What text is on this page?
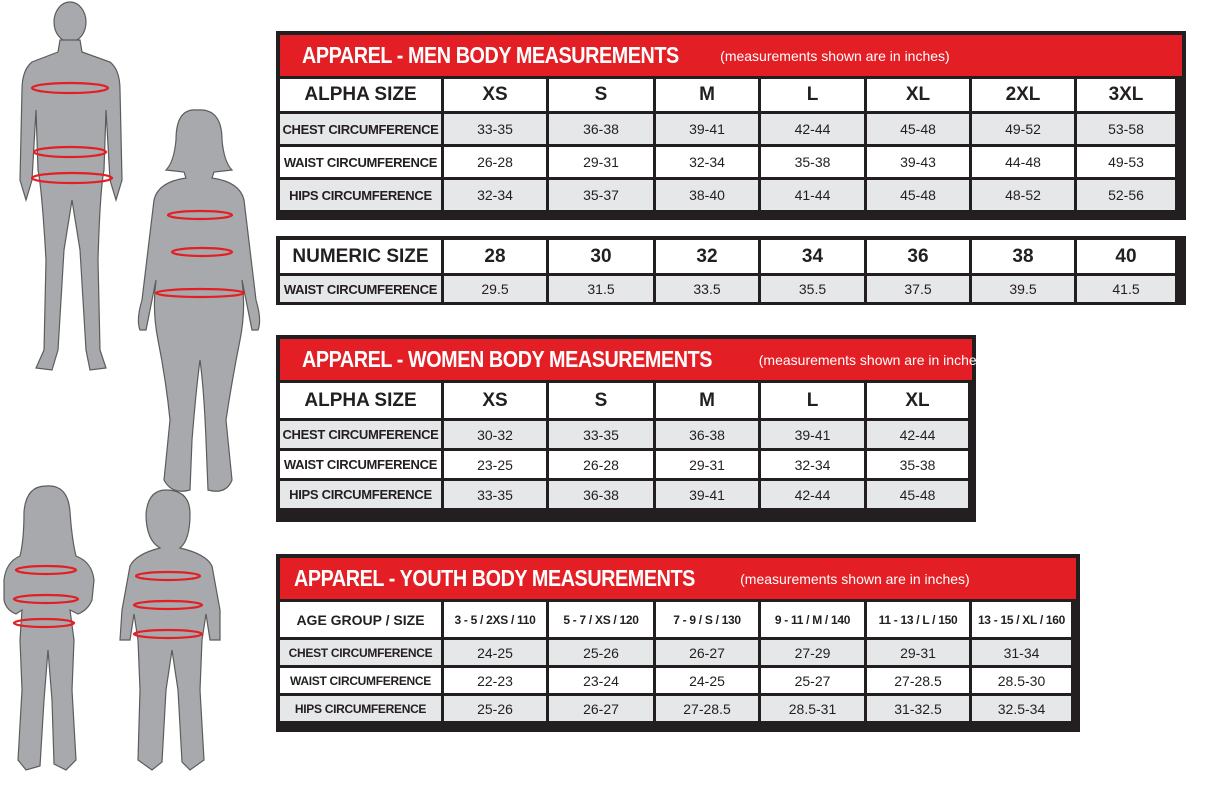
APPAREL - MEN BODY MEASUREMENTS	(measurements shown are in inches)
ALPHA SIZE	XS	S	M	L	XL	2XL	3XL
CHEST CIRCUMFERENCE	33-35	36-38	39-41	42-44	45-48	49-52	53-58
WAIST CIRCUMFERENCE	26-28	29-31	32-34	35-38	39-43	44-48	49-53
HIPS CIRCUMFERENCE	32-34	35-37	38-40	41-44	45-48	48-52	52-56
NUMERIC SIZE	28	30	32	34	36	38	40
WAIST CIRCUMFERENCE	29.5	31.5	33.5	35.5	37.5	39.5	41.5
APPAREL - WOMEN BODY MEASUREMENTS	(measurements shown are in inches)
ALPHA SIZE	XS	S	M	L	XL
CHEST CIRCUMFERENCE	30-32	33-35	36-38	39-41	42-44
WAIST CIRCUMFERENCE	23-25	26-28	29-31	32-34	35-38
HIPS CIRCUMFERENCE	33-35	36-38	39-41	42-44	45-48
APPAREL - YOUTH BODY MEASUREMENTS	(measurements shown are in inches)
AGE GROUP / SIZE	3 - 5 / 2XS / 110	5 - 7 / XS / 120	7 - 9 / S / 130	9 - 11 / M / 140	11 - 13 / L / 150	13 - 15 / XL / 160
CHEST CIRCUMFERENCE	24-25	25-26	26-27	27-29	29-31	31-34
WAIST CIRCUMFERENCE	22-23	23-24	24-25	25-27	27-28.5	28.5-30
HIPS CIRCUMFERENCE	25-26	26-27	27-28.5	28.5-31	31-32.5	32.5-34
